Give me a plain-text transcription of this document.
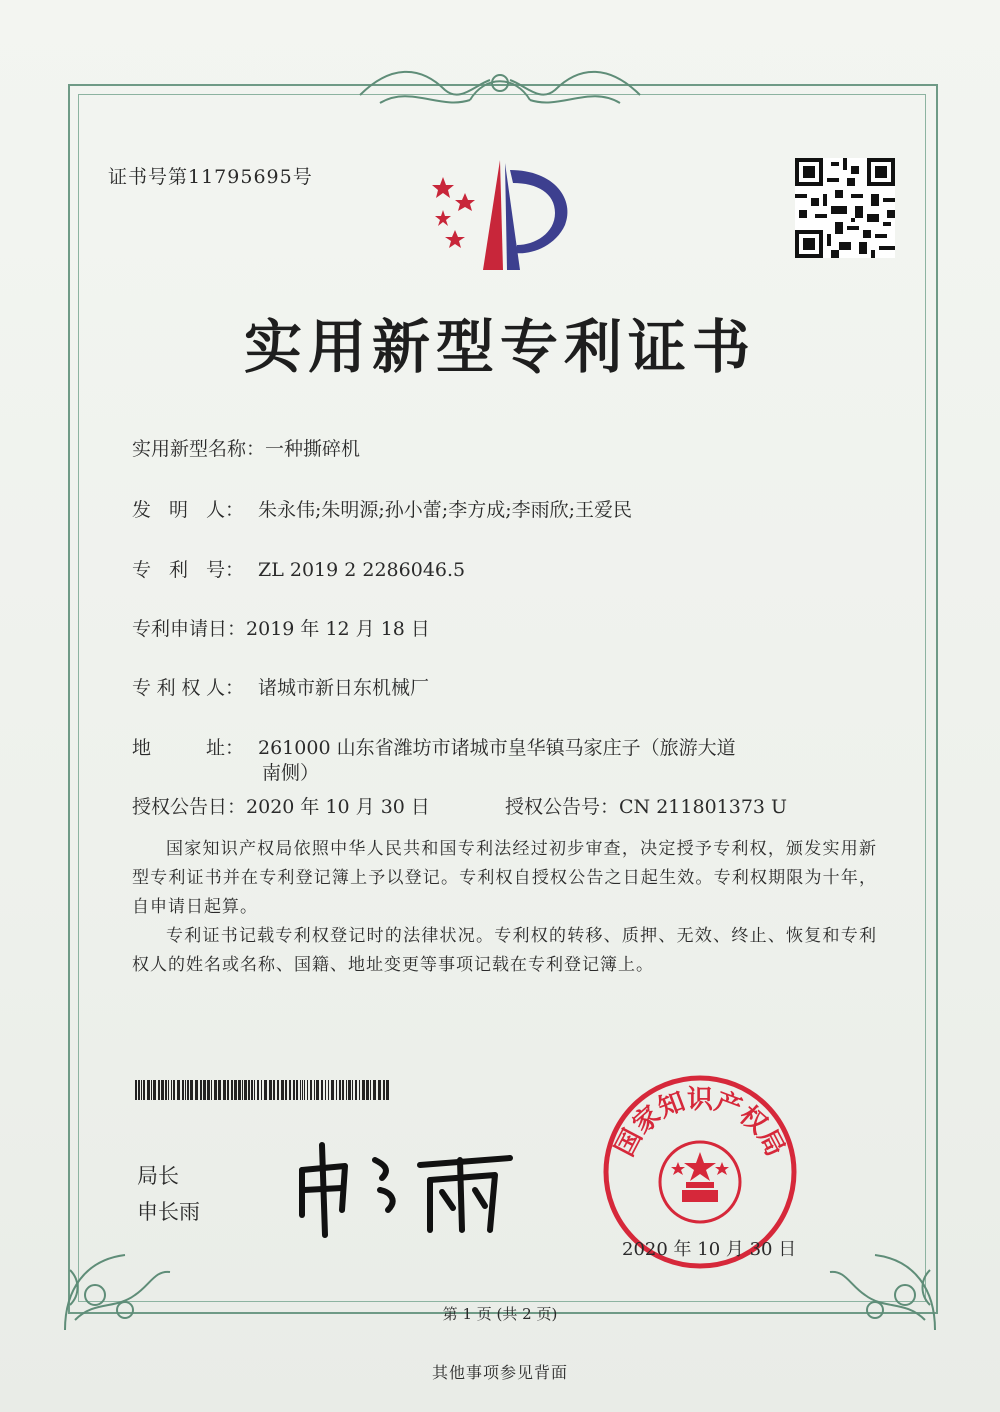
证书号第11795695号
实用新型专利证书
实用新型名称：一种撕碎机
发 明 人： 朱永伟;朱明源;孙小蕾;李方成;李雨欣;王爱民
专 利 号： ZL 2019 2 2286046.5
专利申请日：2019 年 12 月 18 日
专 利 权 人： 诸城市新日东机械厂
地	址： 261000 山东省潍坊市诸城市皇华镇马家庄子（旅游大道
南侧）
授权公告日：2020 年 10 月 30 日	授权公告号：CN 211801373 U
国家知识产权局依照中华人民共和国专利法经过初步审查，决定授予专利权，颁发实用新型专利证书并在专利登记簿上予以登记。专利权自授权公告之日起生效。专利权期限为十年，自申请日起算。
专利证书记载专利权登记时的法律状况。专利权的转移、质押、无效、终止、恢复和专利权人的姓名或名称、国籍、地址变更等事项记载在专利登记簿上。
局长
申长雨
国家知识产权局
2020 年 10 月 30 日
第 1 页 (共 2 页)
其他事项参见背面
